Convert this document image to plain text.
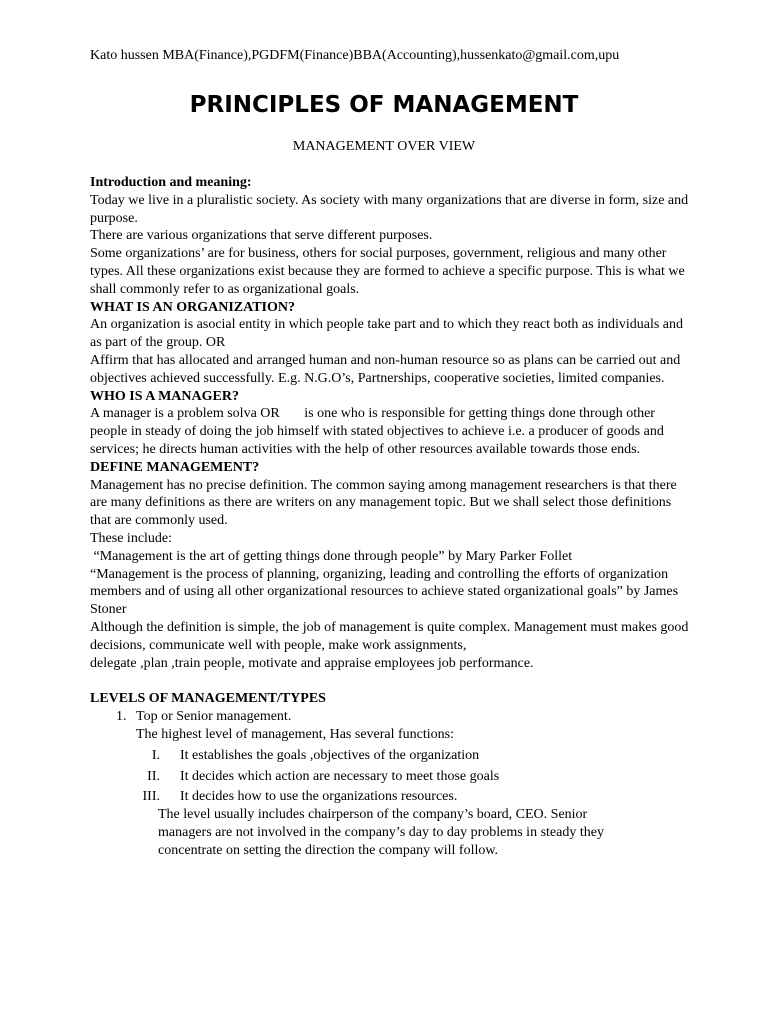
Kato hussen MBA(Finance),PGDFM(Finance)BBA(Accounting),hussenkato@gmail.com,upu
PRINCIPLES OF MANAGEMENT
MANAGEMENT OVER VIEW

Introduction and meaning:

Today we live in a pluralistic society. As society with many organizations that are diverse in form, size and purpose.

There are various organizations that serve different purposes.

Some organizations’ are for business, others for social purposes, government, religious and many other types. All these organizations exist because they are formed to achieve a specific purpose. This is what we shall commonly refer to as organizational goals.

WHAT IS AN ORGANIZATION?

An organization is asocial entity in which people take part and to which they react both as individuals and as part of the group. OR

Affirm that has allocated and arranged human and non-human resource so as plans can be carried out and objectives achieved successfully. E.g. N.G.O’s, Partnerships, cooperative societies, limited companies.

WHO IS A MANAGER?

A manager is a problem solva OR       is one who is responsible for getting things done through other people in steady of doing the job himself with stated objectives to achieve i.e. a producer of goods and services; he directs human activities with the help of other resources available towards those ends.

DEFINE MANAGEMENT?

Management has no precise definition. The common saying among management researchers is that there are many definitions as there are writers on any management topic. But we shall select those definitions that are commonly used.

These include:

“Management is the art of getting things done through people” by Mary Parker Follet

“Management is the process of planning, organizing, leading and controlling the efforts of organization members and of using all other organizational resources to achieve stated organizational goals” by James Stoner

Although the definition is simple, the job of management is quite complex. Management must makes good decisions, communicate well with people, make work assignments,

delegate ,plan ,train people, motivate and appraise employees job performance.

LEVELS OF MANAGEMENT/TYPES

1. Top or Senior management.

The highest level of management, Has several functions:

I. It establishes the goals ,objectives of the organization
II. It decides which action are necessary to meet those goals
III. It decides how to use the organizations resources.

The level usually includes chairperson of the company’s board, CEO. Senior managers are not involved in the company’s day to day problems in steady they concentrate on setting the direction the company will follow.
